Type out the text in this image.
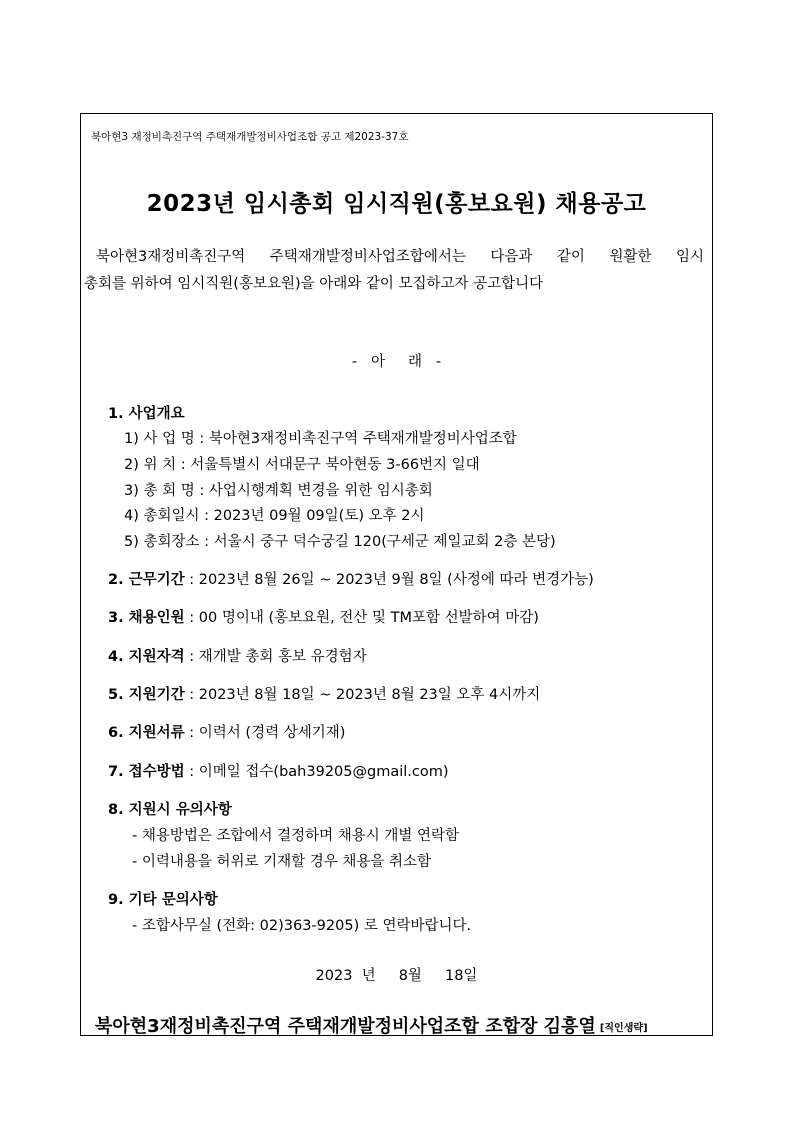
북아현3 재정비촉진구역 주택재개발정비사업조합 공고 제2023-37호
2023년 임시총회 임시직원(홍보요원) 채용공고

북아현3재정비촉진구역 주택재개발정비사업조합에서는 다음과 같이 원활한 임시

총회를 위하여 임시직원(홍보요원)을 아래와 같이 모집하고자 공고합니다

-   아     래   -
1. 사업개요
1) 사 업 명 : 북아현3재정비촉진구역 주택재개발정비사업조합
2) 위 치 : 서울특별시 서대문구 북아현동 3-66번지 일대
3) 총 회 명 : 사업시행계획 변경을 위한 임시총회
4) 총회일시 : 2023년 09월 09일(토) 오후 2시
5) 총회장소 : 서울시 중구 덕수궁길 120(구세군 제일교회 2층 본당)
2. 근무기간 : 2023년 8월 26일 ~ 2023년 9월 8일 (사정에 따라 변경가능)
3. 채용인원 : 00 명이내 (홍보요원, 전산 및 TM포함 선발하여 마감)
4. 지원자격 : 재개발 총회 홍보 유경험자
5. 지원기간 : 2023년 8월 18일 ~ 2023년 8월 23일 오후 4시까지
6. 지원서류 : 이력서 (경력 상세기재)
7. 접수방법 : 이메일 접수(bah39205@gmail.com)
8. 지원시 유의사항
- 채용방법은 조합에서 결정하며 채용시 개별 연락함
- 이력내용을 허위로 기재할 경우 채용을 취소함
9. 기타 문의사항
- 조합사무실 (전화: 02)363-9205) 로 연락바랍니다.
2023  년     8월     18일
북아현3재정비촉진구역 주택재개발정비사업조합 조합장 김흥열 [직인생략]
